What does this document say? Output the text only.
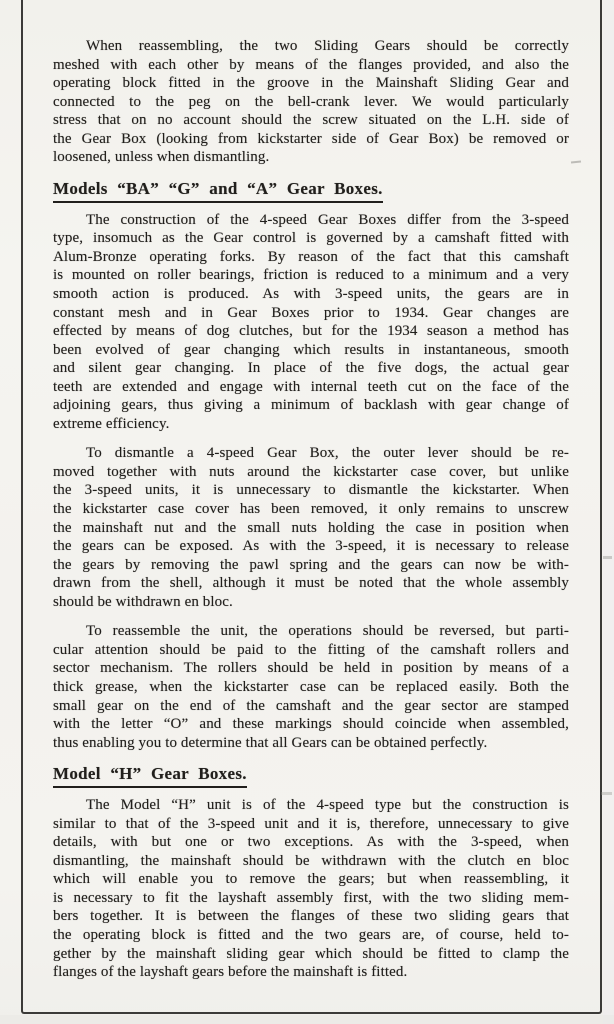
When reassembling, the two Sliding Gears should be correctly
meshed with each other by means of the flanges provided, and also the
operating block fitted in the groove in the Mainshaft Sliding Gear and
connected to the peg on the bell-crank lever. We would particularly
stress that on no account should the screw situated on the L.H. side of
the Gear Box (looking from kickstarter side of Gear Box) be removed or
loosened, unless when dismantling.
Models “BA” “G” and “A” Gear Boxes.
The construction of the 4-speed Gear Boxes differ from the 3-speed
type, insomuch as the Gear control is governed by a camshaft fitted with
Alum-Bronze operating forks. By reason of the fact that this camshaft
is mounted on roller bearings, friction is reduced to a minimum and a very
smooth action is produced. As with 3-speed units, the gears are in
constant mesh and in Gear Boxes prior to 1934. Gear changes are
effected by means of dog clutches, but for the 1934 season a method has
been evolved of gear changing which results in instantaneous, smooth
and silent gear changing. In place of the five dogs, the actual gear
teeth are extended and engage with internal teeth cut on the face of the
adjoining gears, thus giving a minimum of backlash with gear change of
extreme efficiency.
To dismantle a 4-speed Gear Box, the outer lever should be re-
moved together with nuts around the kickstarter case cover, but unlike
the 3-speed units, it is unnecessary to dismantle the kickstarter. When
the kickstarter case cover has been removed, it only remains to unscrew
the mainshaft nut and the small nuts holding the case in position when
the gears can be exposed. As with the 3-speed, it is necessary to release
the gears by removing the pawl spring and the gears can now be with-
drawn from the shell, although it must be noted that the whole assembly
should be withdrawn en bloc.
To reassemble the unit, the operations should be reversed, but parti-
cular attention should be paid to the fitting of the camshaft rollers and
sector mechanism. The rollers should be held in position by means of a
thick grease, when the kickstarter case can be replaced easily. Both the
small gear on the end of the camshaft and the gear sector are stamped
with the letter “O” and these markings should coincide when assembled,
thus enabling you to determine that all Gears can be obtained perfectly.
Model “H” Gear Boxes.
The Model “H” unit is of the 4-speed type but the construction is
similar to that of the 3-speed unit and it is, therefore, unnecessary to give
details, with but one or two exceptions. As with the 3-speed, when
dismantling, the mainshaft should be withdrawn with the clutch en bloc
which will enable you to remove the gears; but when reassembling, it
is necessary to fit the layshaft assembly first, with the two sliding mem-
bers together. It is between the flanges of these two sliding gears that
the operating block is fitted and the two gears are, of course, held to-
gether by the mainshaft sliding gear which should be fitted to clamp the
flanges of the layshaft gears before the mainshaft is fitted.
